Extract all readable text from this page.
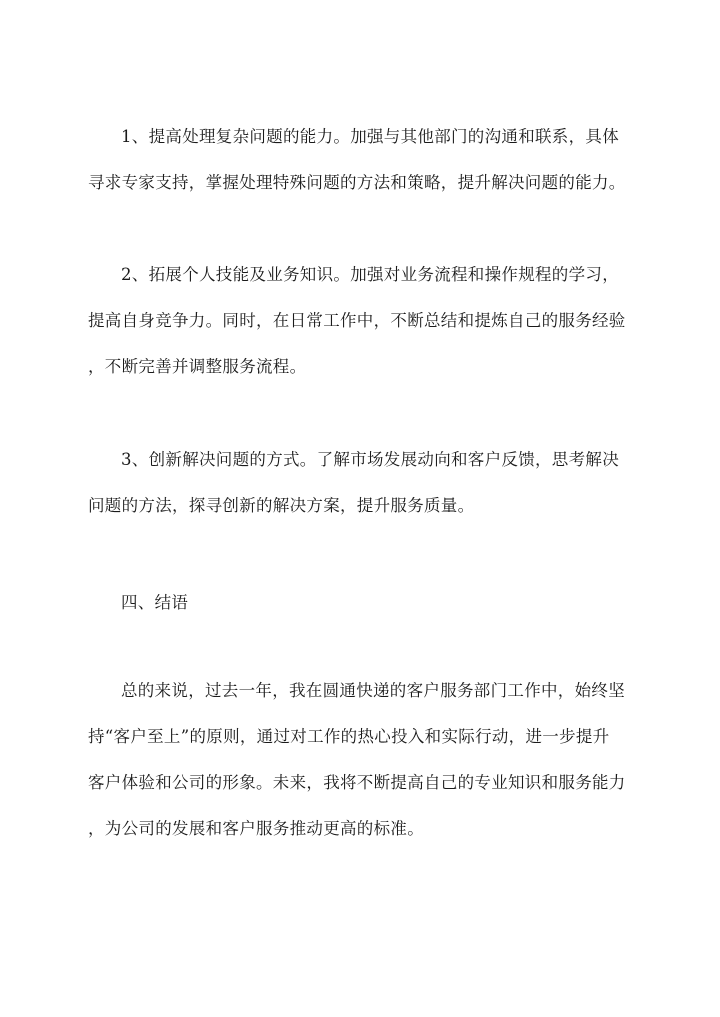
1、提高处理复杂问题的能力。加强与其他部门的沟通和联系，具体
寻求专家支持，掌握处理特殊问题的方法和策略，提升解决问题的能力。

2、拓展个人技能及业务知识。加强对业务流程和操作规程的学习，
提高自身竞争力。同时，在日常工作中，不断总结和提炼自己的服务经验
，不断完善并调整服务流程。

3、创新解决问题的方式。了解市场发展动向和客户反馈，思考解决
问题的方法，探寻创新的解决方案，提升服务质量。

四、结语

总的来说，过去一年，我在圆通快递的客户服务部门工作中，始终坚
持“客户至上”的原则，通过对工作的热心投入和实际行动，进一步提升
客户体验和公司的形象。未来，我将不断提高自己的专业知识和服务能力
，为公司的发展和客户服务推动更高的标准。
